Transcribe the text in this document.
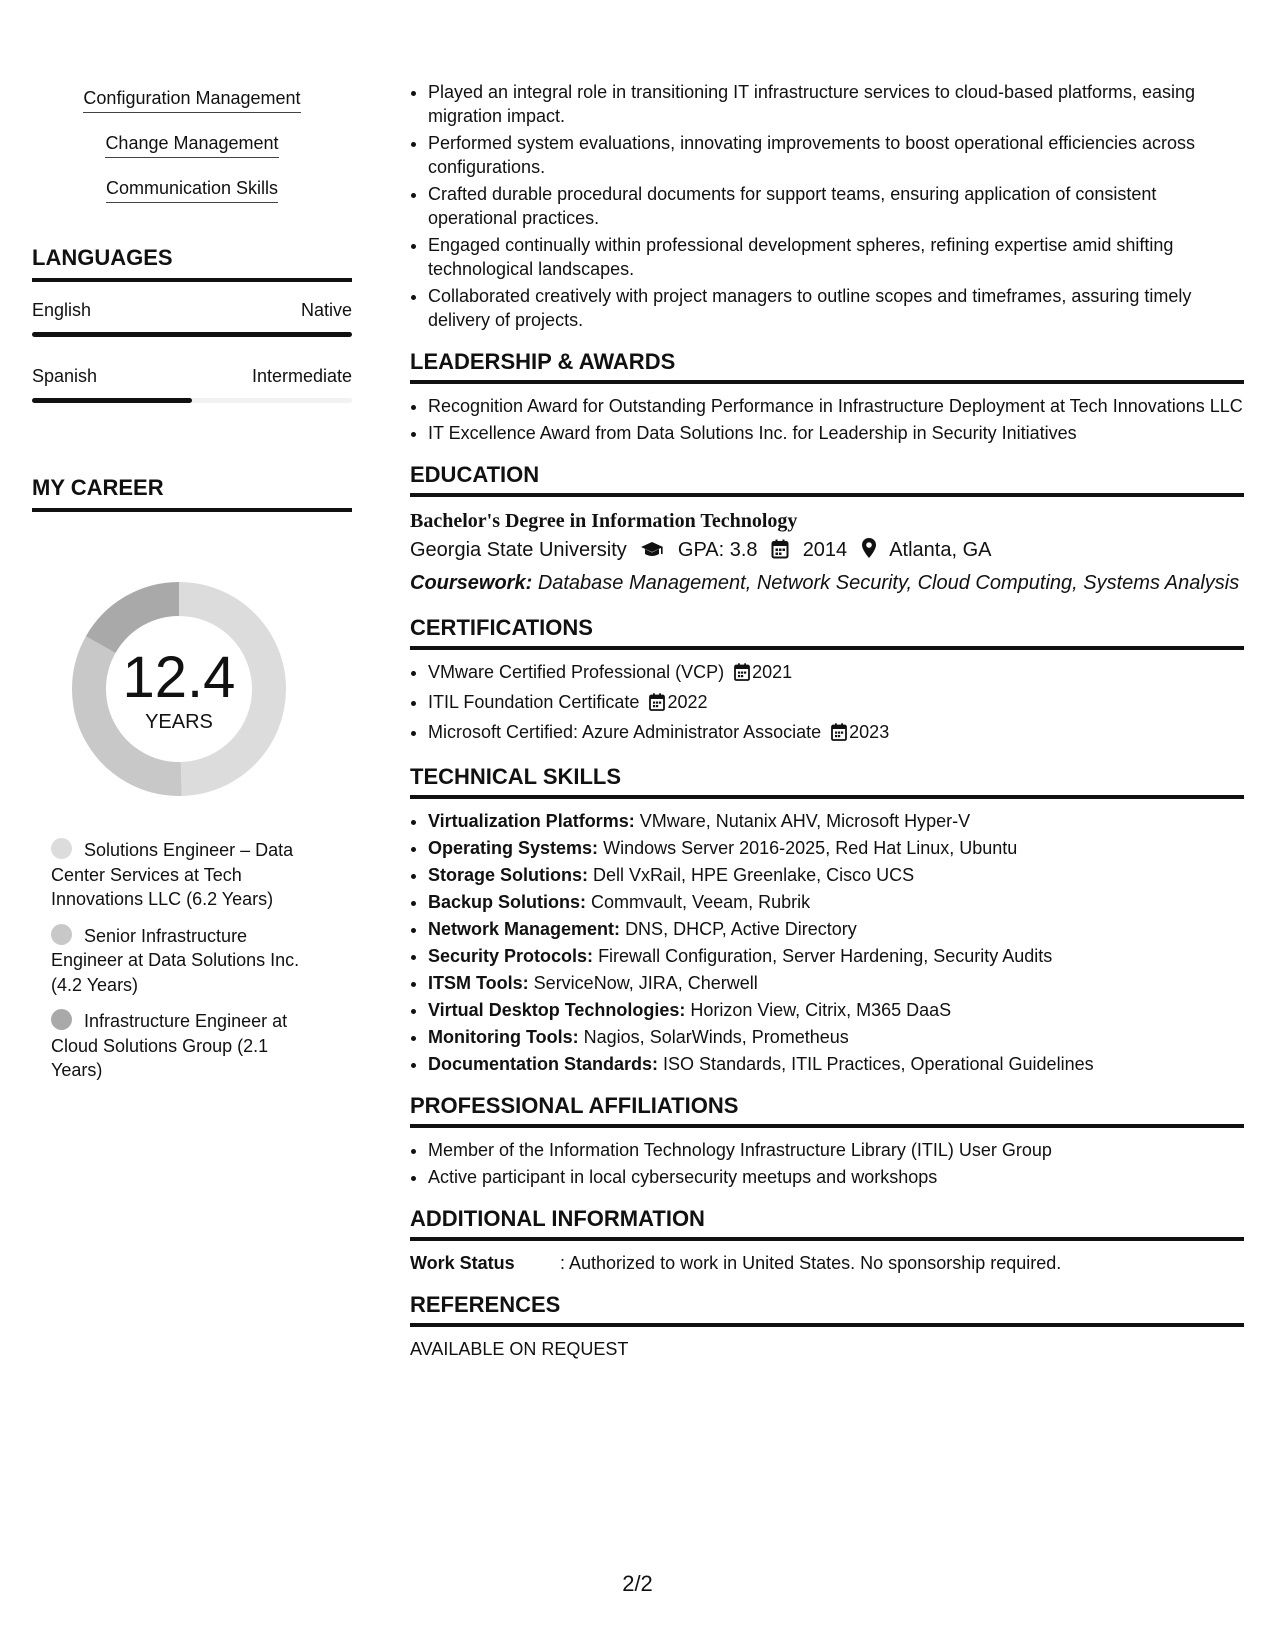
Configuration Management
Change Management
Communication Skills
LANGUAGES
English	Native
Spanish	Intermediate
MY CAREER
12.4
YEARS
Solutions Engineer – Data Center Services at Tech Innovations LLC (6.2 Years)
Senior Infrastructure Engineer at Data Solutions Inc. (4.2 Years)
Infrastructure Engineer at Cloud Solutions Group (2.1 Years)
• Played an integral role in transitioning IT infrastructure services to cloud-based platforms, easing migration impact.
• Performed system evaluations, innovating improvements to boost operational efficiencies across configurations.
• Crafted durable procedural documents for support teams, ensuring application of consistent operational practices.
• Engaged continually within professional development spheres, refining expertise amid shifting technological landscapes.
• Collaborated creatively with project managers to outline scopes and timeframes, assuring timely delivery of projects.
LEADERSHIP & AWARDS
• Recognition Award for Outstanding Performance in Infrastructure Deployment at Tech Innovations LLC
• IT Excellence Award from Data Solutions Inc. for Leadership in Security Initiatives
EDUCATION
Bachelor's Degree in Information Technology
Georgia State University	GPA: 3.8 2014 Atlanta, GA
Coursework: Database Management, Network Security, Cloud Computing, Systems Analysis
CERTIFICATIONS
• VMware Certified Professional (VCP) 2021
• ITIL Foundation Certificate 2022
• Microsoft Certified: Azure Administrator Associate 2023
TECHNICAL SKILLS
• Virtualization Platforms: VMware, Nutanix AHV, Microsoft Hyper-V
• Operating Systems: Windows Server 2016-2025, Red Hat Linux, Ubuntu
• Storage Solutions: Dell VxRail, HPE Greenlake, Cisco UCS
• Backup Solutions: Commvault, Veeam, Rubrik
• Network Management: DNS, DHCP, Active Directory
• Security Protocols: Firewall Configuration, Server Hardening, Security Audits
• ITSM Tools: ServiceNow, JIRA, Cherwell
• Virtual Desktop Technologies: Horizon View, Citrix, M365 DaaS
• Monitoring Tools: Nagios, SolarWinds, Prometheus
• Documentation Standards: ISO Standards, ITIL Practices, Operational Guidelines
PROFESSIONAL AFFILIATIONS
• Member of the Information Technology Infrastructure Library (ITIL) User Group
• Active participant in local cybersecurity meetups and workshops
ADDITIONAL INFORMATION
Work Status	: Authorized to work in United States. No sponsorship required.
REFERENCES
AVAILABLE ON REQUEST
2/2
